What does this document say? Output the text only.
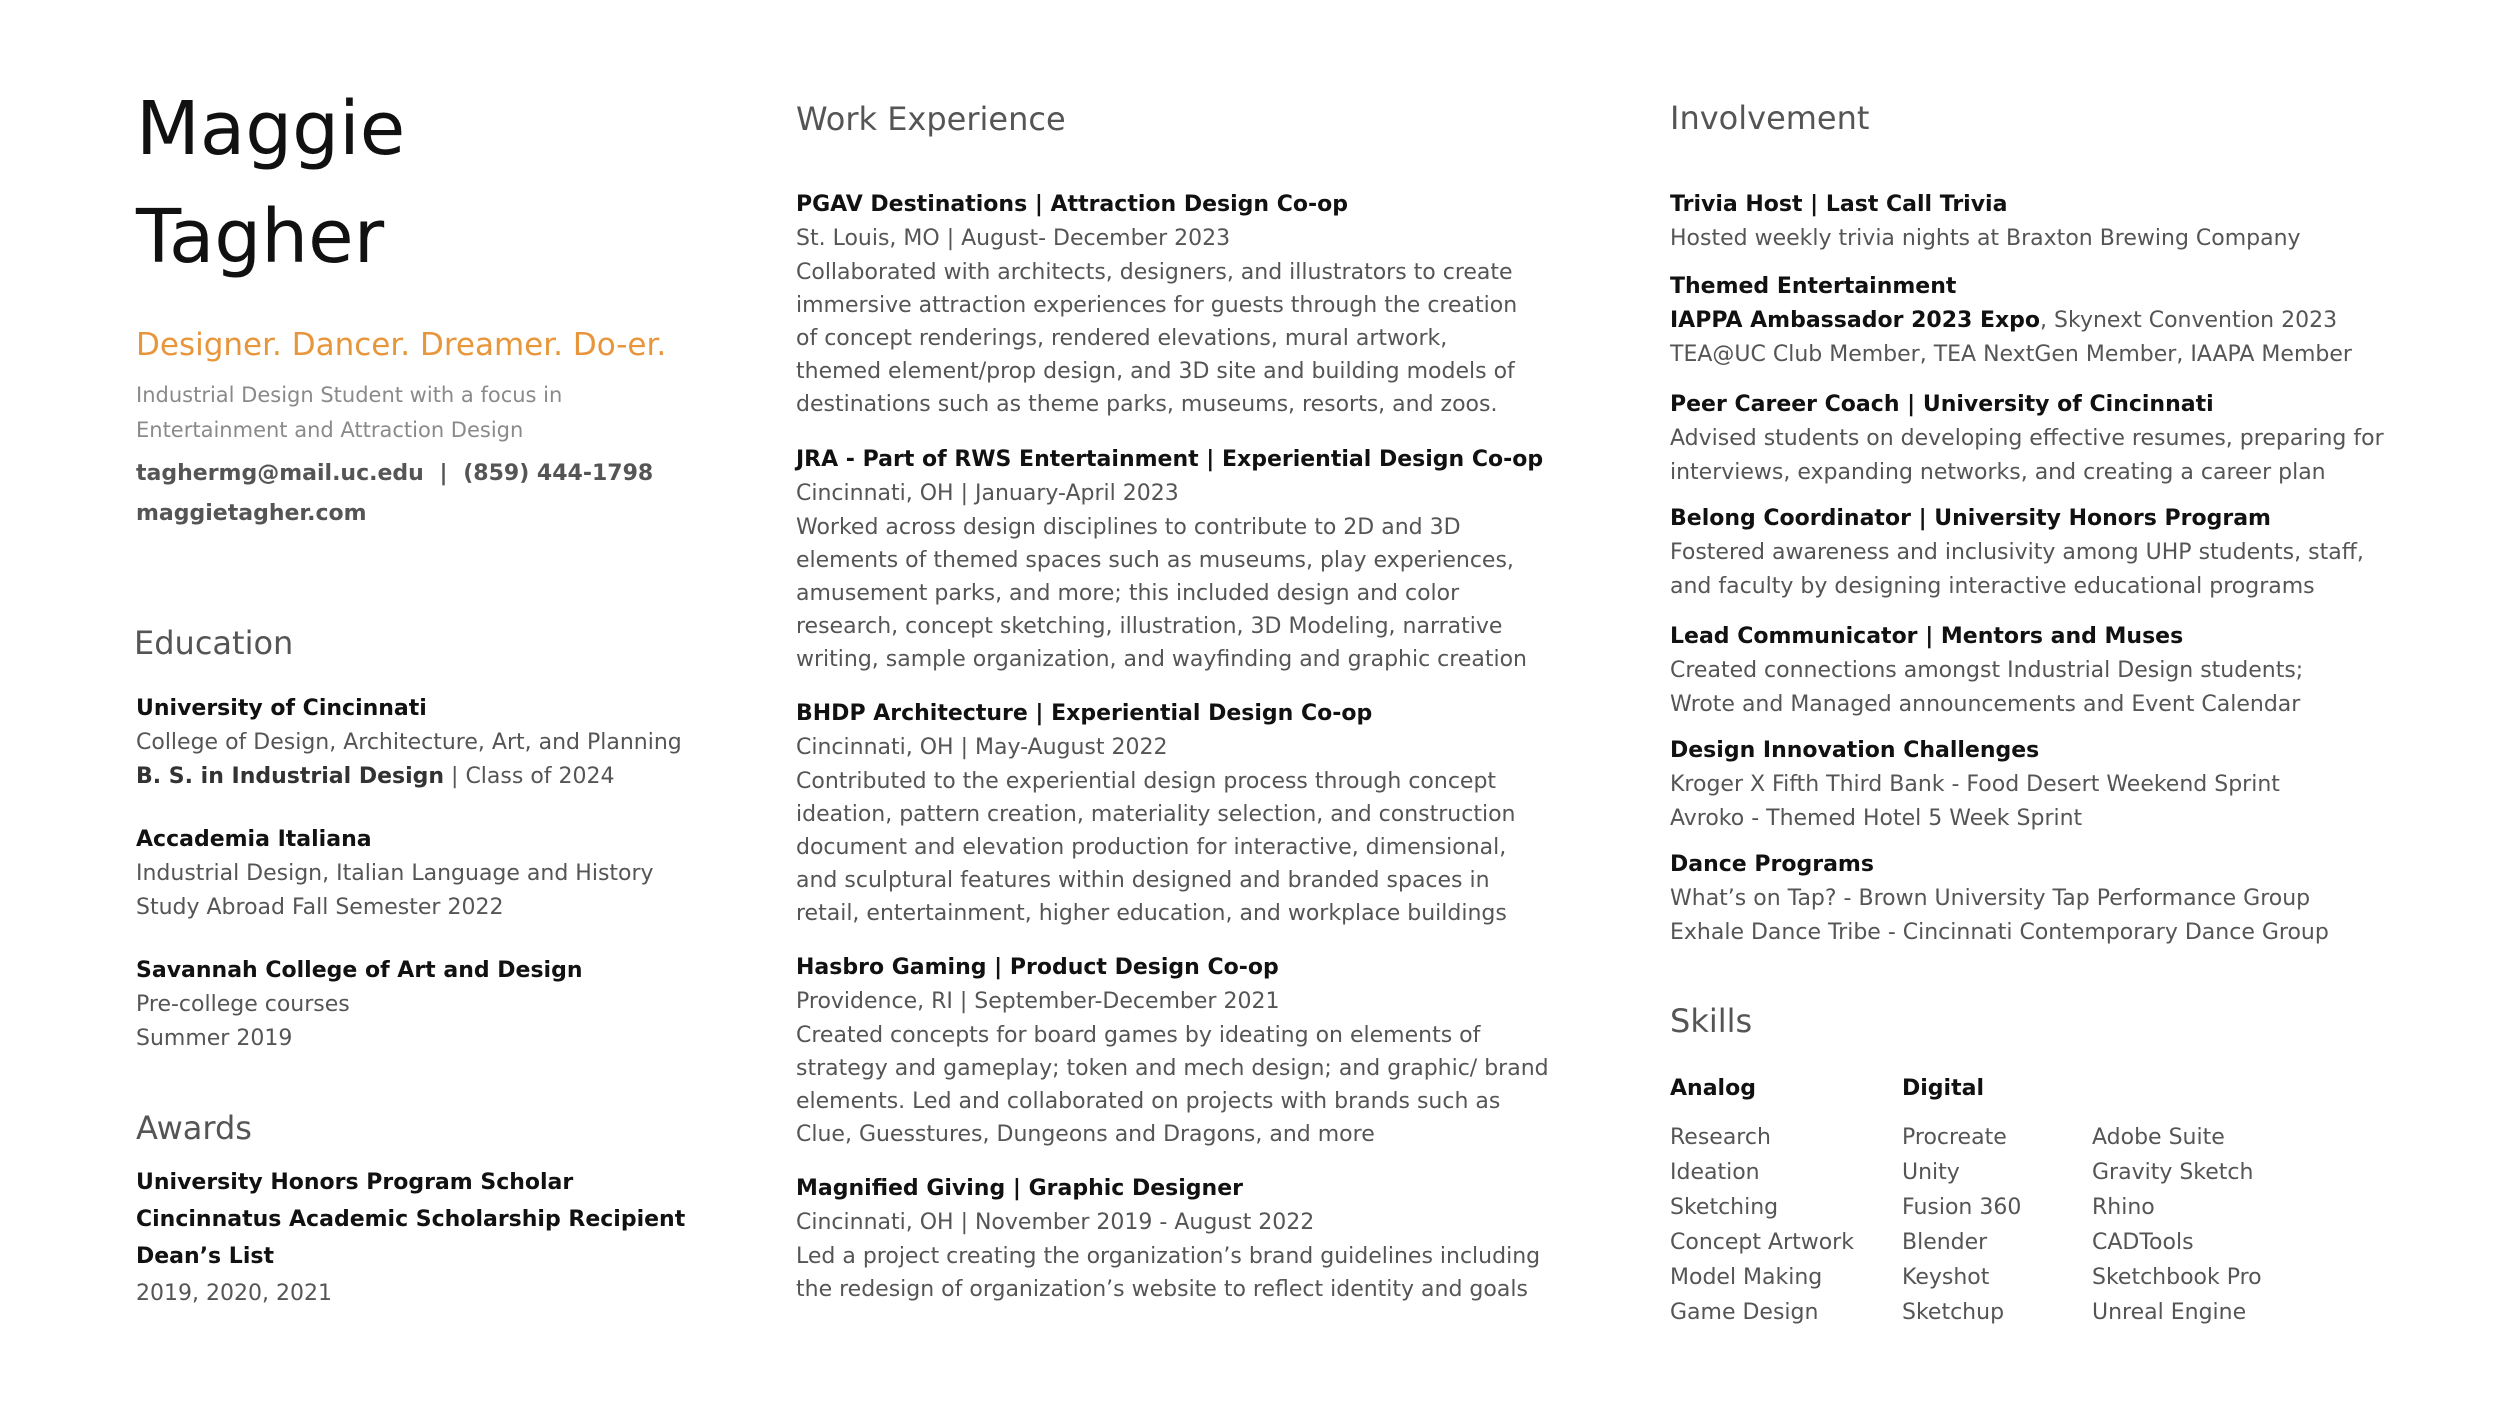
Maggie
Tagher
Designer. Dancer. Dreamer. Do-er.
Industrial Design Student with a focus in
Entertainment and Attraction Design
taghermg@mail.uc.edu | (859) 444-1798
maggietagher.com
Education
University of Cincinnati
College of Design, Architecture, Art, and Planning
B. S. in Industrial Design | Class of 2024
Accademia Italiana
Industrial Design, Italian Language and History
Study Abroad Fall Semester 2022
Savannah College of Art and Design
Pre-college courses
Summer 2019
Awards
University Honors Program Scholar
Cincinnatus Academic Scholarship Recipient
Dean’s List
2019, 2020, 2021
Work Experience
PGAV Destinations | Attraction Design Co-op
St. Louis, MO | August- December 2023
Collaborated with architects, designers, and illustrators to create immersive attraction experiences for guests through the creation of concept renderings, rendered elevations, mural artwork, themed element/prop design, and 3D site and building models of destinations such as theme parks, museums, resorts, and zoos.
JRA - Part of RWS Entertainment | Experiential Design Co-op
Cincinnati, OH | January-April 2023
Worked across design disciplines to contribute to 2D and 3D elements of themed spaces such as museums, play experiences, amusement parks, and more; this included design and color research, concept sketching, illustration, 3D Modeling, narrative writing, sample organization, and wayfinding and graphic creation
BHDP Architecture | Experiential Design Co-op
Cincinnati, OH | May-August 2022
Contributed to the experiential design process through concept ideation, pattern creation, materiality selection, and construction document and elevation production for interactive, dimensional, and sculptural features within designed and branded spaces in retail, entertainment, higher education, and workplace buildings
Hasbro Gaming | Product Design Co-op
Providence, RI | September-December 2021
Created concepts for board games by ideating on elements of strategy and gameplay; token and mech design; and graphic/ brand elements. Led and collaborated on projects with brands such as Clue, Guesstures, Dungeons and Dragons, and more
Magnified Giving | Graphic Designer
Cincinnati, OH | November 2019 - August 2022
Led a project creating the organization’s brand guidelines including the redesign of organization’s website to reflect identity and goals
Involvement
Trivia Host | Last Call Trivia
Hosted weekly trivia nights at Braxton Brewing Company
Themed Entertainment
IAPPA Ambassador 2023 Expo, Skynext Convention 2023
TEA@UC Club Member, TEA NextGen Member, IAAPA Member
Peer Career Coach | University of Cincinnati
Advised students on developing effective resumes, preparing for
interviews, expanding networks, and creating a career plan
Belong Coordinator | University Honors Program
Fostered awareness and inclusivity among UHP students, staff,
and faculty by designing interactive educational programs
Lead Communicator | Mentors and Muses
Created connections amongst Industrial Design students;
Wrote and Managed announcements and Event Calendar
Design Innovation Challenges
Kroger X Fifth Third Bank - Food Desert Weekend Sprint
Avroko - Themed Hotel 5 Week Sprint
Dance Programs
What’s on Tap? - Brown University Tap Performance Group
Exhale Dance Tribe - Cincinnati Contemporary Dance Group
Skills
Analog
Research
Ideation
Sketching
Concept Artwork
Model Making
Game Design
Digital
Procreate
Unity
Fusion 360
Blender
Keyshot
Sketchup
Adobe Suite
Gravity Sketch
Rhino
CADTools
Sketchbook Pro
Unreal Engine
